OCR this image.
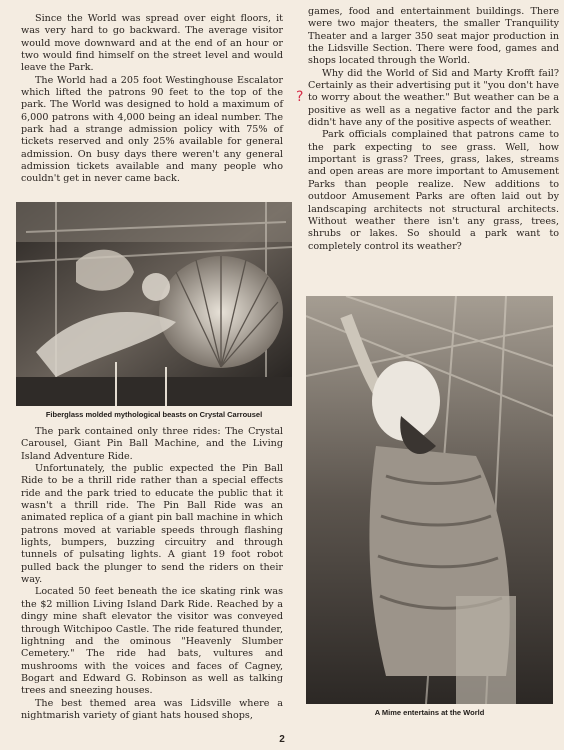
Since the World was spread over eight floors, it was very hard to go backward. The average visitor would move downward and at the end of an hour or two would find himself on the street level and would leave the Park.

The World had a 205 foot Westinghouse Escalator which lifted the patrons 90 feet to the top of the park. The World was designed to hold a maximum of 6,000 patrons with 4,000 being an ideal number. The park had a strange admission policy with 75% of tickets reserved and only 25% available for general admission. On busy days there weren't any general admission tickets available and many people who couldn't get in never came back.

Fiberglass molded mythological beasts on Crystal Carrousel

The park contained only three rides: The Crystal Carousel, Giant Pin Ball Machine, and the Living Island Adventure Ride.

Unfortunately, the public expected the Pin Ball Ride to be a thrill ride rather than a special effects ride and the park tried to educate the public that it wasn't a thrill ride. The Pin Ball Ride was an animated replica of a giant pin ball machine in which patrons moved at variable speeds through flashing lights, bumpers, buzzing circuitry and through tunnels of pulsating lights. A giant 19 foot robot pulled back the plunger to send the riders on their way.

Located 50 feet beneath the ice skating rink was the $2 million Living Island Dark Ride. Reached by a dingy mine shaft elevator the visitor was conveyed through Witchipoo Castle. The ride featured thunder, lightning and the ominous "Heavenly Slumber Cemetery." The ride had bats, vultures and mushrooms with the voices and faces of Cagney, Bogart and Edward G. Robinson as well as talking trees and sneezing houses.

The best themed area was Lidsville where a nightmarish variety of giant hats housed shops,

games, food and entertainment buildings. There were two major theaters, the smaller Tranquility Theater and a larger 350 seat major production in the Lidsville Section. There were food, games and shops located through the World.

Why did the World of Sid and Marty Krofft fail? Certainly as their advertising put it "you don't have to worry about the weather." But weather can be a positive as well as a negative factor and the park didn't have any of the positive aspects of weather.

Park officials complained that patrons came to the park expecting to see grass. Well, how important is grass? Trees, grass, lakes, streams and open areas are more important to Amusement Parks than people realize. New additions to outdoor Amusement Parks are often laid out by landscaping architects not structural architects. Without weather there isn't any grass, trees, shrubs or lakes. So should a park want to completely control its weather?

A Mime entertains at the World

?
2
